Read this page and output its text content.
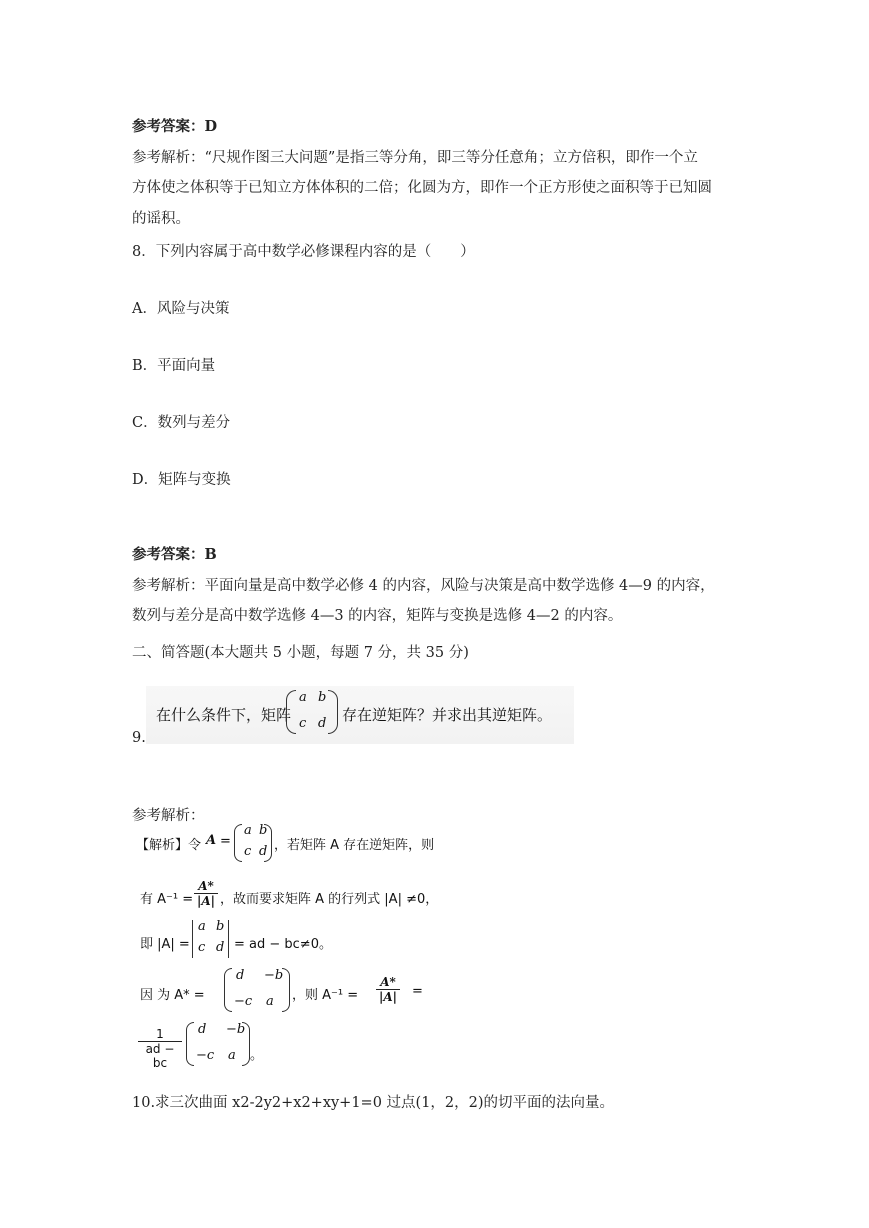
参考答案：D
参考解析：“尺规作图三大问题”是指三等分角，即三等分任意角；立方倍积，即作一个立
方体使之体积等于已知立方体体积的二倍；化圆为方，即作一个正方形使之面积等于已知圆
的谣积。
8．下列内容属于高中数学必修课程内容的是（　　）
A．风险与决策
B．平面向量
C．数列与差分
D．矩阵与变换
参考答案：B
参考解析：平面向量是高中数学必修 4 的内容，风险与决策是高中数学选修 4—9 的内容，
数列与差分是高中数学选修 4—3 的内容，矩阵与变换是选修 4—2 的内容。
二、简答题(本大题共 5 小题，每题 7 分，共 35 分)
在什么条件下，矩阵
a b
c d 存在逆矩阵？并求出其逆矩阵。
9.
参考解析：
【解析】令 A =
a b
c d ，若矩阵 A 存在逆矩阵，则
有 $A^{-1} = \frac{A*}{|A|}$ ，故而要求矩阵 A 的行列式 |A| ≠0，
即 |A| =
a b
c d = ad − bc≠0。
因 为 A* =
d −b
−c a ，则 $A^{-1} = \frac{A*}{|A|}$ =
$\frac{1}{ad - bc}$ d −b
−c a 。
10.求三次曲面 x2-2y2+x2+xy+1=0 过点(1，2，2)的切平面的法向量。
